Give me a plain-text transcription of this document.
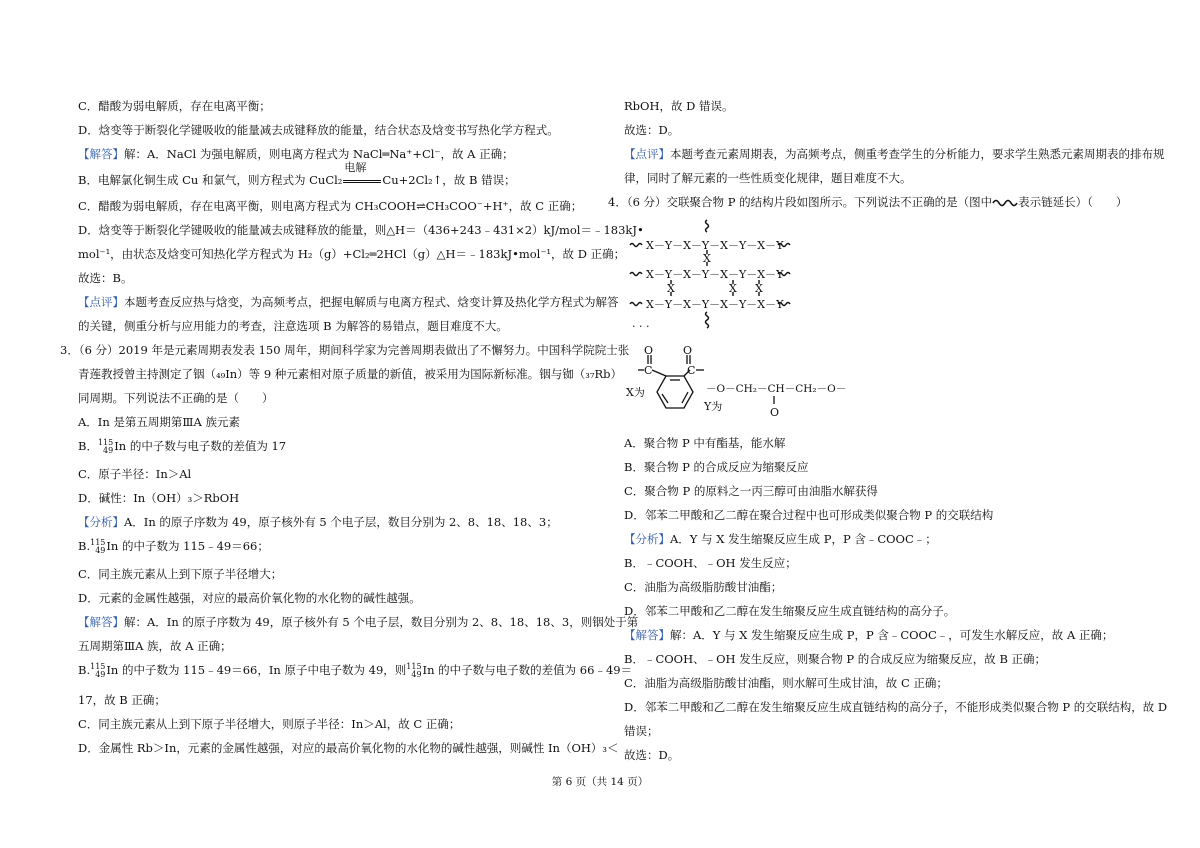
C．醋酸为弱电解质，存在电离平衡；
D．焓变等于断裂化学键吸收的能量减去成键释放的能量，结合状态及焓变书写热化学方程式。
【解答】解：A．NaCl 为强电解质，则电离方程式为 NaCl═Na⁺+Cl⁻，故 A 正确；
B．电解氯化铜生成 Cu 和氯气，则方程式为 CuCl₂
电解
Cu+2Cl₂↑，故 B 错误；
C．醋酸为弱电解质，存在电离平衡，则电离方程式为 CH₃COOH⇌CH₃COO⁻+H⁺，故 C 正确；
D．焓变等于断裂化学键吸收的能量减去成键释放的能量，则△H＝（436+243﹣431×2）kJ/mol＝﹣183kJ•
mol⁻¹，由状态及焓变可知热化学方程式为 H₂（g）+Cl₂═2HCl（g）△H＝﹣183kJ•mol⁻¹，故 D 正确；
故选：B。
【点评】本题考查反应热与焓变，为高频考点，把握电解质与电离方程式、焓变计算及热化学方程式为解答
的关键，侧重分析与应用能力的考查，注意选项 B 为解答的易错点，题目难度不大。
3．（6 分）2019 年是元素周期表发表 150 周年，期间科学家为完善周期表做出了不懈努力。中国科学院院士张
青莲教授曾主持测定了铟（₄₉In）等 9 种元素相对原子质量的新值，被采用为国际新标准。铟与铷（₃₇Rb）
同周期。下列说法不正确的是（　　）
A．In 是第五周期第ⅢA 族元素
B． 115
49 In 的中子数与电子数的差值为 17
C．原子半径：In＞Al
D．碱性：In（OH）₃＞RbOH
【分析】A．In 的原子序数为 49，原子核外有 5 个电子层，数目分别为 2、8、18、18、3；
B. 115
49 In 的中子数为 115﹣49＝66；
C．同主族元素从上到下原子半径增大；
D．元素的金属性越强，对应的最高价氧化物的水化物的碱性越强。
【解答】解：A．In 的原子序数为 49，原子核外有 5 个电子层，数目分别为 2、8、18、18、3，则铟处于第
五周期第ⅢA 族，故 A 正确；
B. 115
49 In 的中子数为 115﹣49＝66，In 原子中电子数为 49，则 115
49 In 的中子数与电子数的差值为 66﹣49＝
17，故 B 正确；
C．同主族元素从上到下原子半径增大，则原子半径：In＞Al，故 C 正确；
D．金属性 Rb＞In，元素的金属性越强，对应的最高价氧化物的水化物的碱性越强，则碱性 In（OH）₃＜
RbOH，故 D 错误。
故选：D。
【点评】本题考查元素周期表，为高频考点，侧重考查学生的分析能力，要求学生熟悉元素周期表的排布规
律，同时了解元素的一些性质变化规律，题目难度不大。
4．（6 分）交联聚合物 P 的结构片段如图所示。下列说法不正确的是（图中 表示链延长）（　　）
X－Y－X－Y－X－Y－X－Y
X－Y－X－Y－X－Y－X－Y
X－Y－X－Y－X－Y－X－Y
X
X	X X
· · ·
O	O
C	C
X为	－O－CH₂－CH－CH₂－O－
Y为	O
A．聚合物 P 中有酯基，能水解
B．聚合物 P 的合成反应为缩聚反应
C．聚合物 P 的原料之一丙三醇可由油脂水解获得
D．邻苯二甲酸和乙二醇在聚合过程中也可形成类似聚合物 P 的交联结构
【分析】A．Y 与 X 发生缩聚反应生成 P，P 含﹣COOC﹣；
B．﹣COOH、﹣OH 发生反应；
C．油脂为高级脂肪酸甘油酯；
D．邻苯二甲酸和乙二醇在发生缩聚反应生成直链结构的高分子。
【解答】解：A．Y 与 X 发生缩聚反应生成 P，P 含﹣COOC﹣，可发生水解反应，故 A 正确；
B．﹣COOH、﹣OH 发生反应，则聚合物 P 的合成反应为缩聚反应，故 B 正确；
C．油脂为高级脂肪酸甘油酯，则水解可生成甘油，故 C 正确；
D．邻苯二甲酸和乙二醇在发生缩聚反应生成直链结构的高分子，不能形成类似聚合物 P 的交联结构，故 D
错误；
故选：D。
第 6 页（共 14 页）
